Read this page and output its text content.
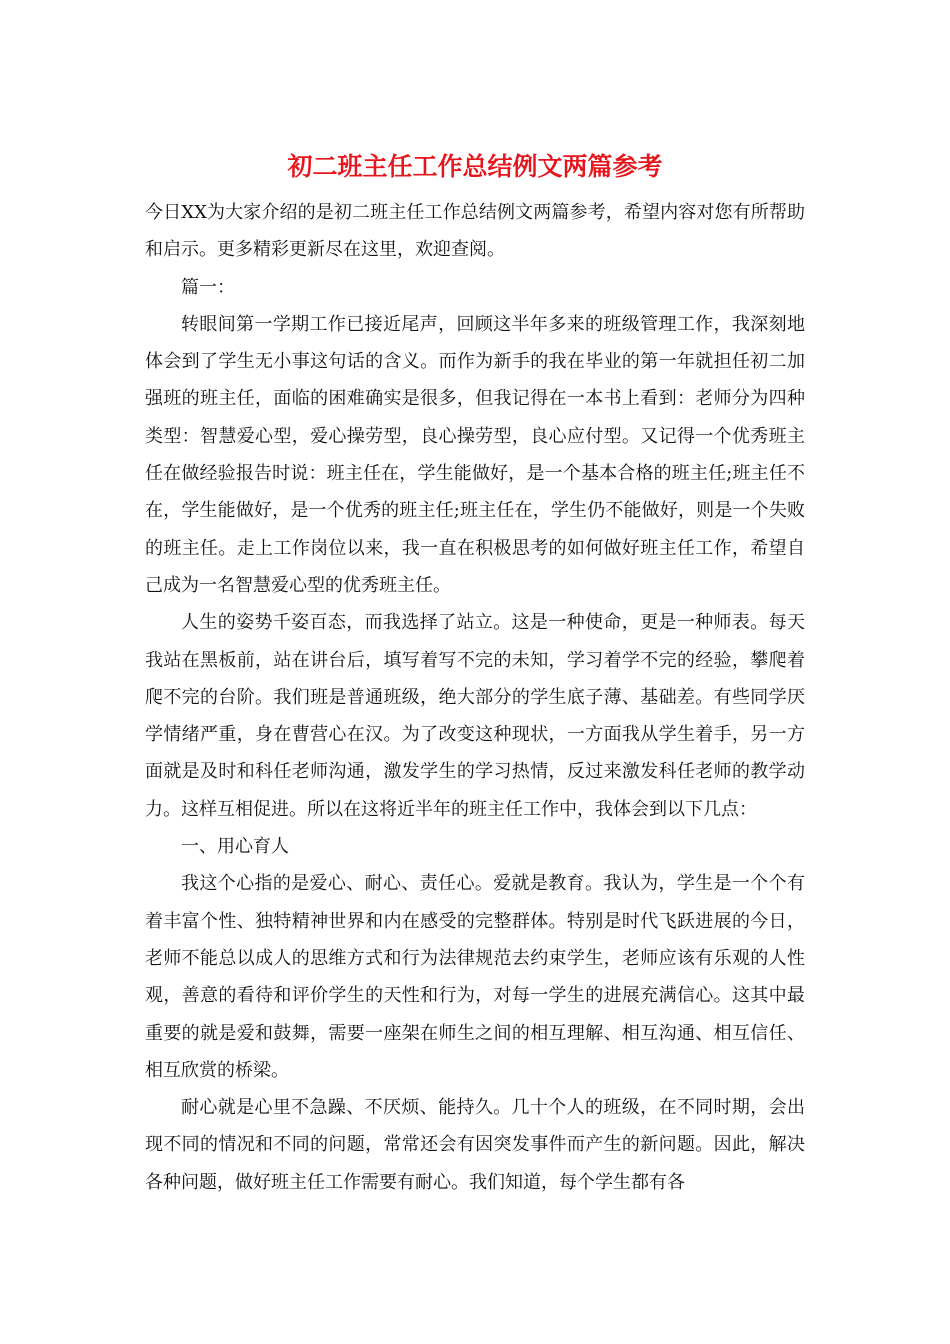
初二班主任工作总结例文两篇参考

今日XX为大家介绍的是初二班主任工作总结例文两篇参考，希望内容对您有所帮助和启示。更多精彩更新尽在这里，欢迎查阅。

篇一：

转眼间第一学期工作已接近尾声，回顾这半年多来的班级管理工作，我深刻地体会到了学生无小事这句话的含义。而作为新手的我在毕业的第一年就担任初二加强班的班主任，面临的困难确实是很多，但我记得在一本书上看到：老师分为四种类型：智慧爱心型，爱心操劳型，良心操劳型，良心应付型。又记得一个优秀班主任在做经验报告时说：班主任在，学生能做好，是一个基本合格的班主任;班主任不在，学生能做好，是一个优秀的班主任;班主任在，学生仍不能做好，则是一个失败的班主任。走上工作岗位以来，我一直在积极思考的如何做好班主任工作，希望自己成为一名智慧爱心型的优秀班主任。

人生的姿势千姿百态，而我选择了站立。这是一种使命，更是一种师表。每天我站在黑板前，站在讲台后，填写着写不完的未知，学习着学不完的经验，攀爬着爬不完的台阶。我们班是普通班级，绝大部分的学生底子薄、基础差。有些同学厌学情绪严重，身在曹营心在汉。为了改变这种现状，一方面我从学生着手，另一方面就是及时和科任老师沟通，激发学生的学习热情，反过来激发科任老师的教学动力。这样互相促进。所以在这将近半年的班主任工作中，我体会到以下几点：

一、用心育人

我这个心指的是爱心、耐心、责任心。爱就是教育。我认为，学生是一个个有着丰富个性、独特精神世界和内在感受的完整群体。特别是时代飞跃进展的今日，老师不能总以成人的思维方式和行为法律规范去约束学生，老师应该有乐观的人性观，善意的看待和评价学生的天性和行为，对每一学生的进展充满信心。这其中最重要的就是爱和鼓舞，需要一座架在师生之间的相互理解、相互沟通、相互信任、相互欣赏的桥梁。

耐心就是心里不急躁、不厌烦、能持久。几十个人的班级，在不同时期，会出现不同的情况和不同的问题，常常还会有因突发事件而产生的新问题。因此，解决各种问题，做好班主任工作需要有耐心。我们知道，每个学生都有各
